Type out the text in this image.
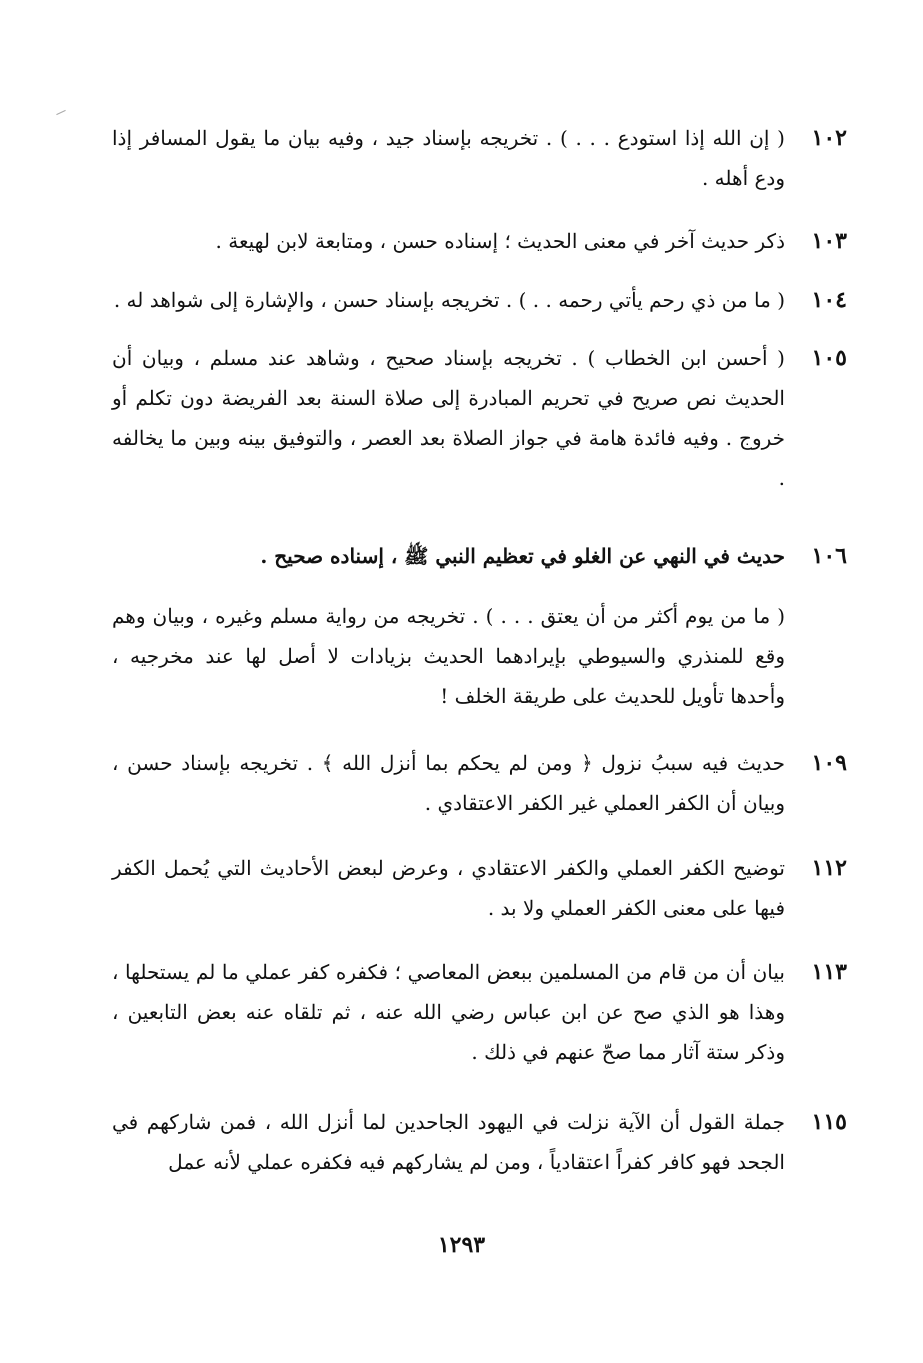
١٠٢
( إن الله إذا استودع . . . ) . تخريجه بإسناد جيد ، وفيه بيان ما يقول المسافر إذا ودع أهله .
١٠٣
ذكر حديث آخر في معنى الحديث ؛ إسناده حسن ، ومتابعة لابن لهيعة .
١٠٤
( ما من ذي رحم يأتي رحمه . . ) . تخريجه بإسناد حسن ، والإشارة إلى شواهد له .
١٠٥
( أحسن ابن الخطاب ) . تخريجه بإسناد صحيح ، وشاهد عند مسلم ، وبيان أن الحديث نص صريح في تحريم المبادرة إلى صلاة السنة بعد الفريضة دون تكلم أو خروج . وفيه فائدة هامة في جواز الصلاة بعد العصر ، والتوفيق بينه وبين ما يخالفه .
١٠٦
حديث في النهي عن الغلو في تعظيم النبي ﷺ ، إسناده صحيح .
( ما من يوم أكثر من أن يعتق . . . ) . تخريجه من رواية مسلم وغيره ، وبيان وهم وقع للمنذري والسيوطي بإيرادهما الحديث بزيادات لا أصل لها عند مخرجيه ، وأحدها تأويل للحديث على طريقة الخلف !
١٠٩
حديث فيه سببُ نزول ﴿ ومن لم يحكم بما أنزل الله ﴾ . تخريجه بإسناد حسن ، وبيان أن الكفر العملي غير الكفر الاعتقادي .
١١٢
توضيح الكفر العملي والكفر الاعتقادي ، وعرض لبعض الأحاديث التي يُحمل الكفر فيها على معنى الكفر العملي ولا بد .
١١٣
بيان أن من قام من المسلمين ببعض المعاصي ؛ فكفره كفر عملي ما لم يستحلها ، وهذا هو الذي صح عن ابن عباس رضي الله عنه ، ثم تلقاه عنه بعض التابعين ، وذكر ستة آثار مما صحّ عنهم في ذلك .
١١٥
جملة القول أن الآية نزلت في اليهود الجاحدين لما أنزل الله ، فمن شاركهم في الجحد فهو كافر كفراً اعتقادياً ، ومن لم يشاركهم فيه فكفره عملي لأنه عمل
١٢٩٣
